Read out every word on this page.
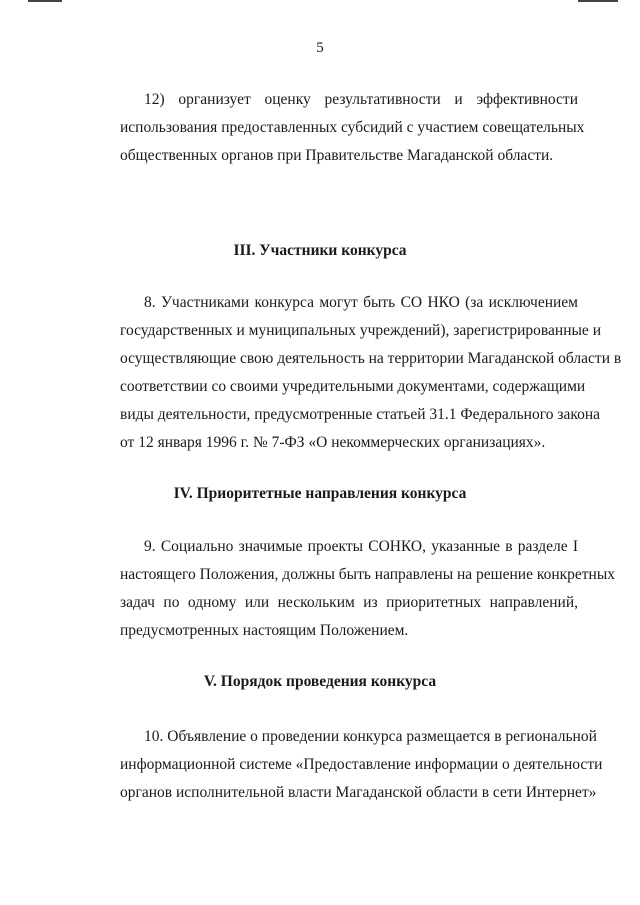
5
12) организует оценку результативности и эффективности
использования предоставленных субсидий с участием совещательных
общественных органов при Правительстве Магаданской области.
III. Участники конкурса
8. Участниками конкурса могут быть СО НКО (за исключением
государственных и муниципальных учреждений), зарегистрированные и
осуществляющие свою деятельность на территории Магаданской области в
соответствии со своими учредительными документами, содержащими
виды деятельности, предусмотренные статьей 31.1 Федерального закона
от 12 января 1996 г. № 7-ФЗ «О некоммерческих организациях».
IV. Приоритетные направления конкурса
9. Социально значимые проекты СОНКО, указанные в разделе I
настоящего Положения, должны быть направлены на решение конкретных
задач по одному или нескольким из приоритетных направлений,
предусмотренных настоящим Положением.
V. Порядок проведения конкурса
10. Объявление о проведении конкурса размещается в региональной
информационной системе «Предоставление информации о деятельности
органов исполнительной власти Магаданской области в сети Интернет»
